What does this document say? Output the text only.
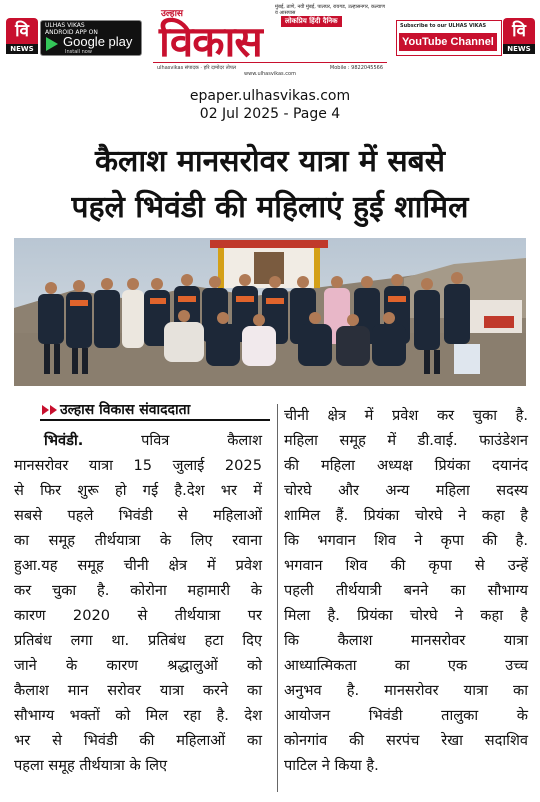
वि
NEWS
ULHAS VIKAS
ANDROID APP ON
Google play
Install now
उल्हास
विकास
मुंबई, ठाणे, नवी मुंबई, पालघर, रायगड, उल्हासनगर, कल्याण व आसपास
लोकप्रिय हिंदी दैनिक
ulhasvikas संपादक · हरि दामोदर तोपल	Mobile : 9822045566
www.ulhasvikas.com
Subscribe to our ULHAS VIKAS
YouTube Channel
वि
NEWS
epaper.ulhasvikas.com
02 Jul 2025 - Page 4
कैलाश मानसरोवर यात्रा में सबसे
पहले भिवंडी की महिलाएं हुई शामिल
उल्हास विकास संवाददाता
भिवंडी. पवित्र कैलाश
मानसरोवर यात्रा 15 जुलाई 2025
से फिर शुरू हो गई है.देश भर में
सबसे पहले भिवंडी से महिलाओं
का समूह तीर्थयात्रा के लिए रवाना
हुआ.यह समूह चीनी क्षेत्र में प्रवेश
कर चुका है. कोरोना महामारी के
कारण 2020 से तीर्थयात्रा पर
प्रतिबंध लगा था. प्रतिबंध हटा दिए
जाने के कारण श्रद्धालुओं को
कैलाश मान सरोवर यात्रा करने का
सौभाग्य भक्तों को मिल रहा है. देश
भर से भिवंडी की महिलाओं का
पहला समूह तीर्थयात्रा के लिए
चीनी क्षेत्र में प्रवेश कर चुका है.
महिला समूह में डी.वाई. फाउंडेशन
की महिला अध्यक्ष प्रियंका दयानंद
चोरघे और अन्य महिला सदस्य
शामिल हैं. प्रियंका चोरघे ने कहा है
कि भगवान शिव ने कृपा की है.
भगवान शिव की कृपा से उन्हें
पहली तीर्थयात्री बनने का सौभाग्य
मिला है. प्रियंका चोरघे ने कहा है
कि कैलाश मानसरोवर यात्रा
आध्यात्मिकता का एक उच्च
अनुभव है. मानसरोवर यात्रा का
आयोजन भिवंडी तालुका के
कोनगांव की सरपंच रेखा सदाशिव
पाटिल ने किया है.
